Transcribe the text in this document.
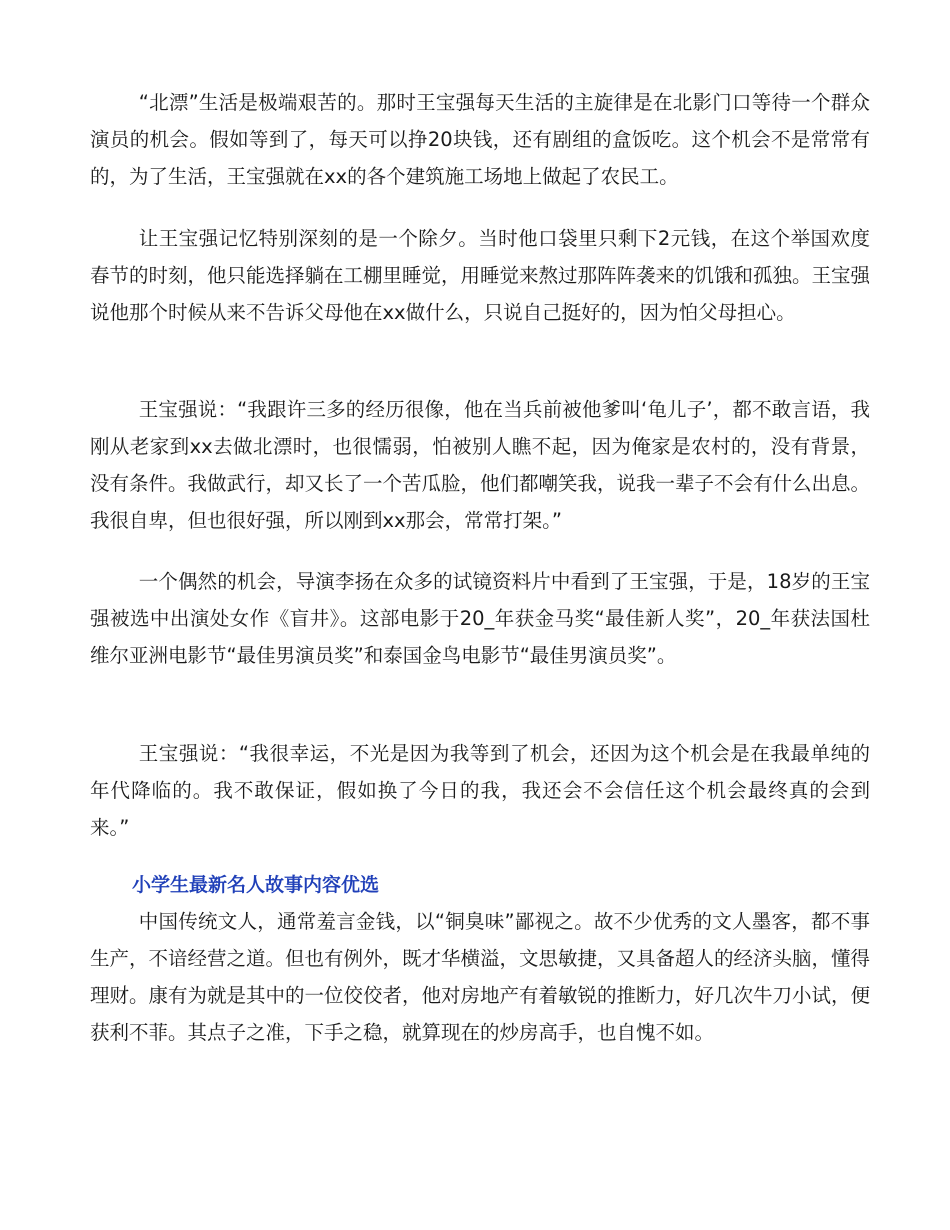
“北漂”生活是极端艰苦的。那时王宝强每天生活的主旋律是在北影门口等待一个群众演员的机会。假如等到了，每天可以挣20块钱，还有剧组的盒饭吃。这个机会不是常常有的，为了生活，王宝强就在xx的各个建筑施工场地上做起了农民工。

让王宝强记忆特别深刻的是一个除夕。当时他口袋里只剩下2元钱，在这个举国欢度春节的时刻，他只能选择躺在工棚里睡觉，用睡觉来熬过那阵阵袭来的饥饿和孤独。王宝强说他那个时候从来不告诉父母他在xx做什么，只说自己挺好的，因为怕父母担心。

王宝强说：“我跟许三多的经历很像，他在当兵前被他爹叫‘龟儿子’，都不敢言语，我刚从老家到xx去做北漂时，也很懦弱，怕被别人瞧不起，因为俺家是农村的，没有背景，没有条件。我做武行，却又长了一个苦瓜脸，他们都嘲笑我，说我一辈子不会有什么出息。我很自卑，但也很好强，所以刚到xx那会，常常打架。”

一个偶然的机会，导演李扬在众多的试镜资料片中看到了王宝强，于是，18岁的王宝强被选中出演处女作《盲井》。这部电影于20_年获金马奖“最佳新人奖”，20_年获法国杜维尔亚洲电影节“最佳男演员奖”和泰国金鸟电影节“最佳男演员奖”。

王宝强说：“我很幸运，不光是因为我等到了机会，还因为这个机会是在我最单纯的年代降临的。我不敢保证，假如换了今日的我，我还会不会信任这个机会最终真的会到来。”

小学生最新名人故事内容优选

中国传统文人，通常羞言金钱，以“铜臭味”鄙视之。故不少优秀的文人墨客，都不事生产，不谙经营之道。但也有例外，既才华横溢，文思敏捷，又具备超人的经济头脑，懂得理财。康有为就是其中的一位佼佼者，他对房地产有着敏锐的推断力，好几次牛刀小试，便获利不菲。其点子之准，下手之稳，就算现在的炒房高手，也自愧不如。
